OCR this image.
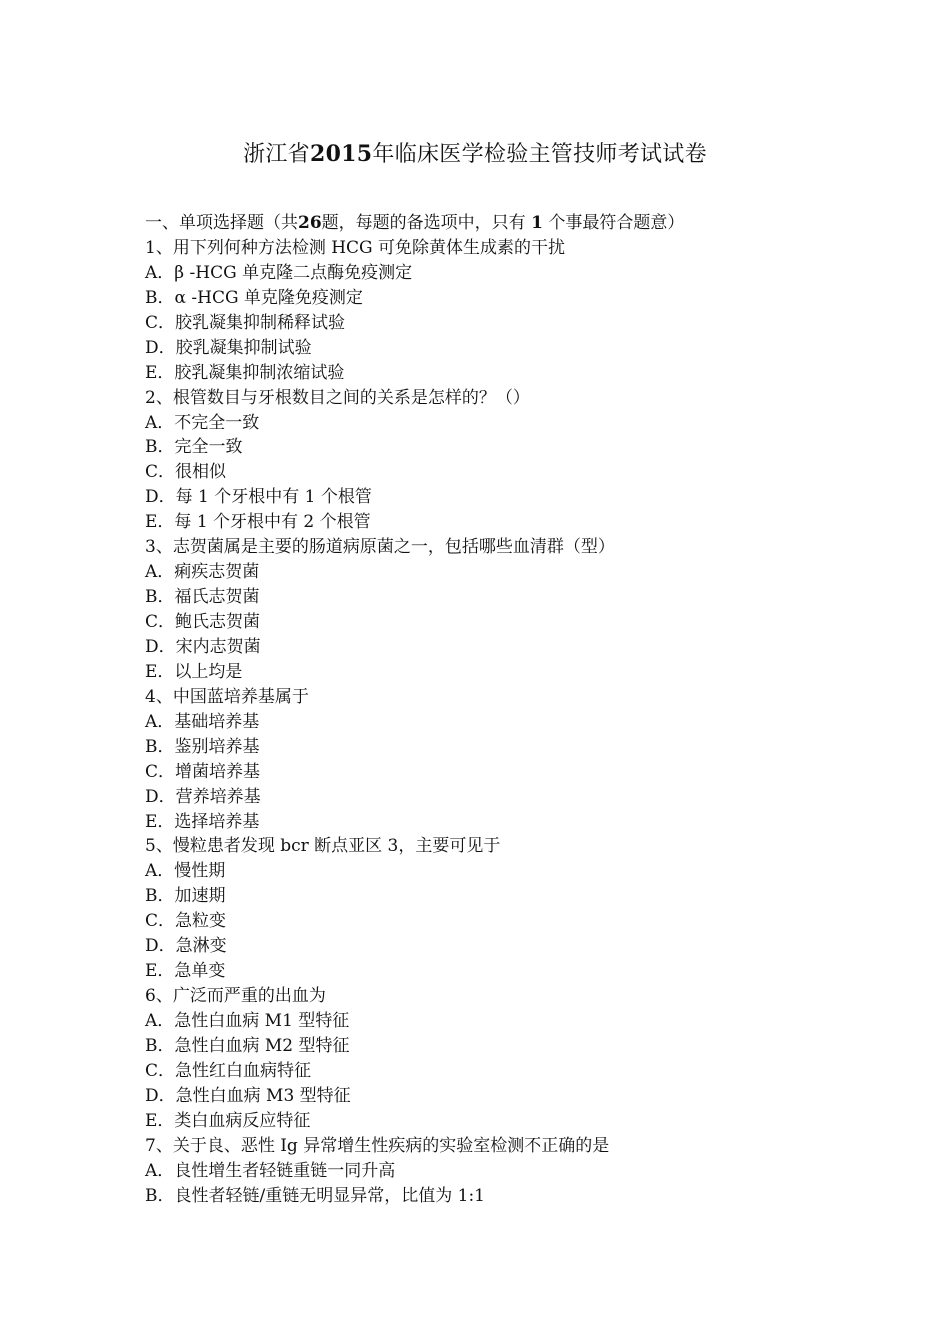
浙江省2015年临床医学检验主管技师考试试卷
一、单项选择题（共26题，每题的备选项中，只有 1 个事最符合题意）
1、用下列何种方法检测 HCG 可免除黄体生成素的干扰
A．β -HCG 单克隆二点酶免疫测定
B．α -HCG 单克隆免疫测定
C．胶乳凝集抑制稀释试验
D．胶乳凝集抑制试验
E．胶乳凝集抑制浓缩试验
2、根管数目与牙根数目之间的关系是怎样的？（）
A．不完全一致
B．完全一致
C．很相似
D．每 1 个牙根中有 1 个根管
E．每 1 个牙根中有 2 个根管
3、志贺菌属是主要的肠道病原菌之一，包括哪些血清群（型）
A．痢疾志贺菌
B．福氏志贺菌
C．鲍氏志贺菌
D．宋内志贺菌
E．以上均是
4、中国蓝培养基属于
A．基础培养基
B．鉴别培养基
C．增菌培养基
D．营养培养基
E．选择培养基
5、慢粒患者发现 bcr 断点亚区 3，主要可见于
A．慢性期
B．加速期
C．急粒变
D．急淋变
E．急单变
6、广泛而严重的出血为
A．急性白血病 M1 型特征
B．急性白血病 M2 型特征
C．急性红白血病特征
D．急性白血病 M3 型特征
E．类白血病反应特征
7、关于良、恶性 Ig 异常增生性疾病的实验室检测不正确的是
A．良性增生者轻链重链一同升高
B．良性者轻链/重链无明显异常，比值为 1:1
